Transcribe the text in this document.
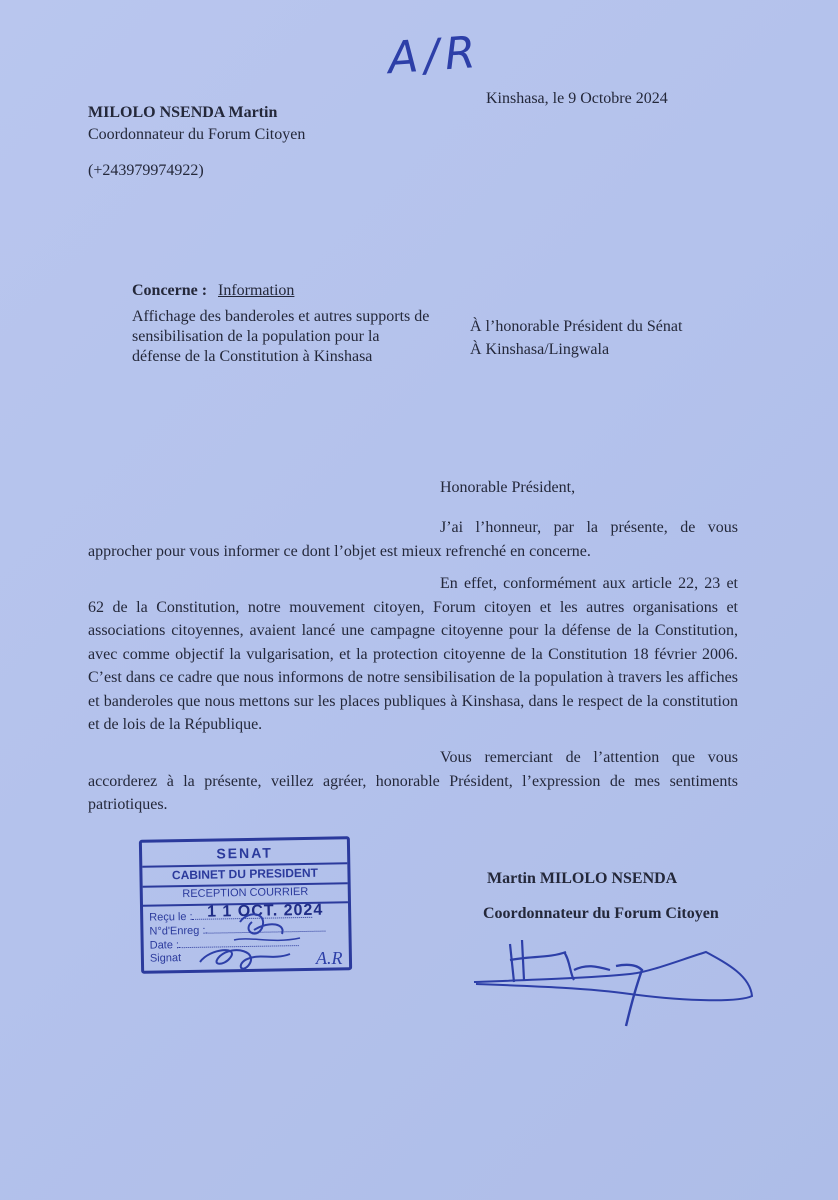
A/R
MILOLO NSENDA Martin
Coordonnateur du Forum Citoyen
(+243979974922)
Kinshasa, le 9 Octobre 2024
Concerne : Information
Affichage des banderoles et autres supports de sensibilisation de la population pour la défense de la Constitution à Kinshasa
À l’honorable Président du Sénat
À Kinshasa/Lingwala
Honorable Président,
J’ai l’honneur, par la présente, de vous approcher pour vous informer ce dont l’objet est mieux refrenché en concerne.
En effet, conformément aux article 22, 23 et 62 de la Constitution, notre mouvement citoyen, Forum citoyen et les autres organisations et associations citoyennes, avaient lancé une campagne citoyenne pour la défense de la Constitution, avec comme objectif la vulgarisation, et la protection citoyenne de la Constitution 18 février 2006. C’est dans ce cadre que nous informons de notre sensibilisation de la population à travers les affiches et banderoles que nous mettons sur les places publiques à Kinshasa, dans le respect de la constitution et de lois de la République.
Vous remerciant de l’attention que vous accorderez à la présente, veillez agréer, honorable Président, l’expression de mes sentiments patriotiques.
SENAT
CABINET DU PRESIDENT
RECEPTION COURRIER
Reçu le :
N°d'Enreg :
Date :
Signat
1 1 OCT. 2024
A.R
Martin MILOLO NSENDA
Coordonnateur du Forum Citoyen
